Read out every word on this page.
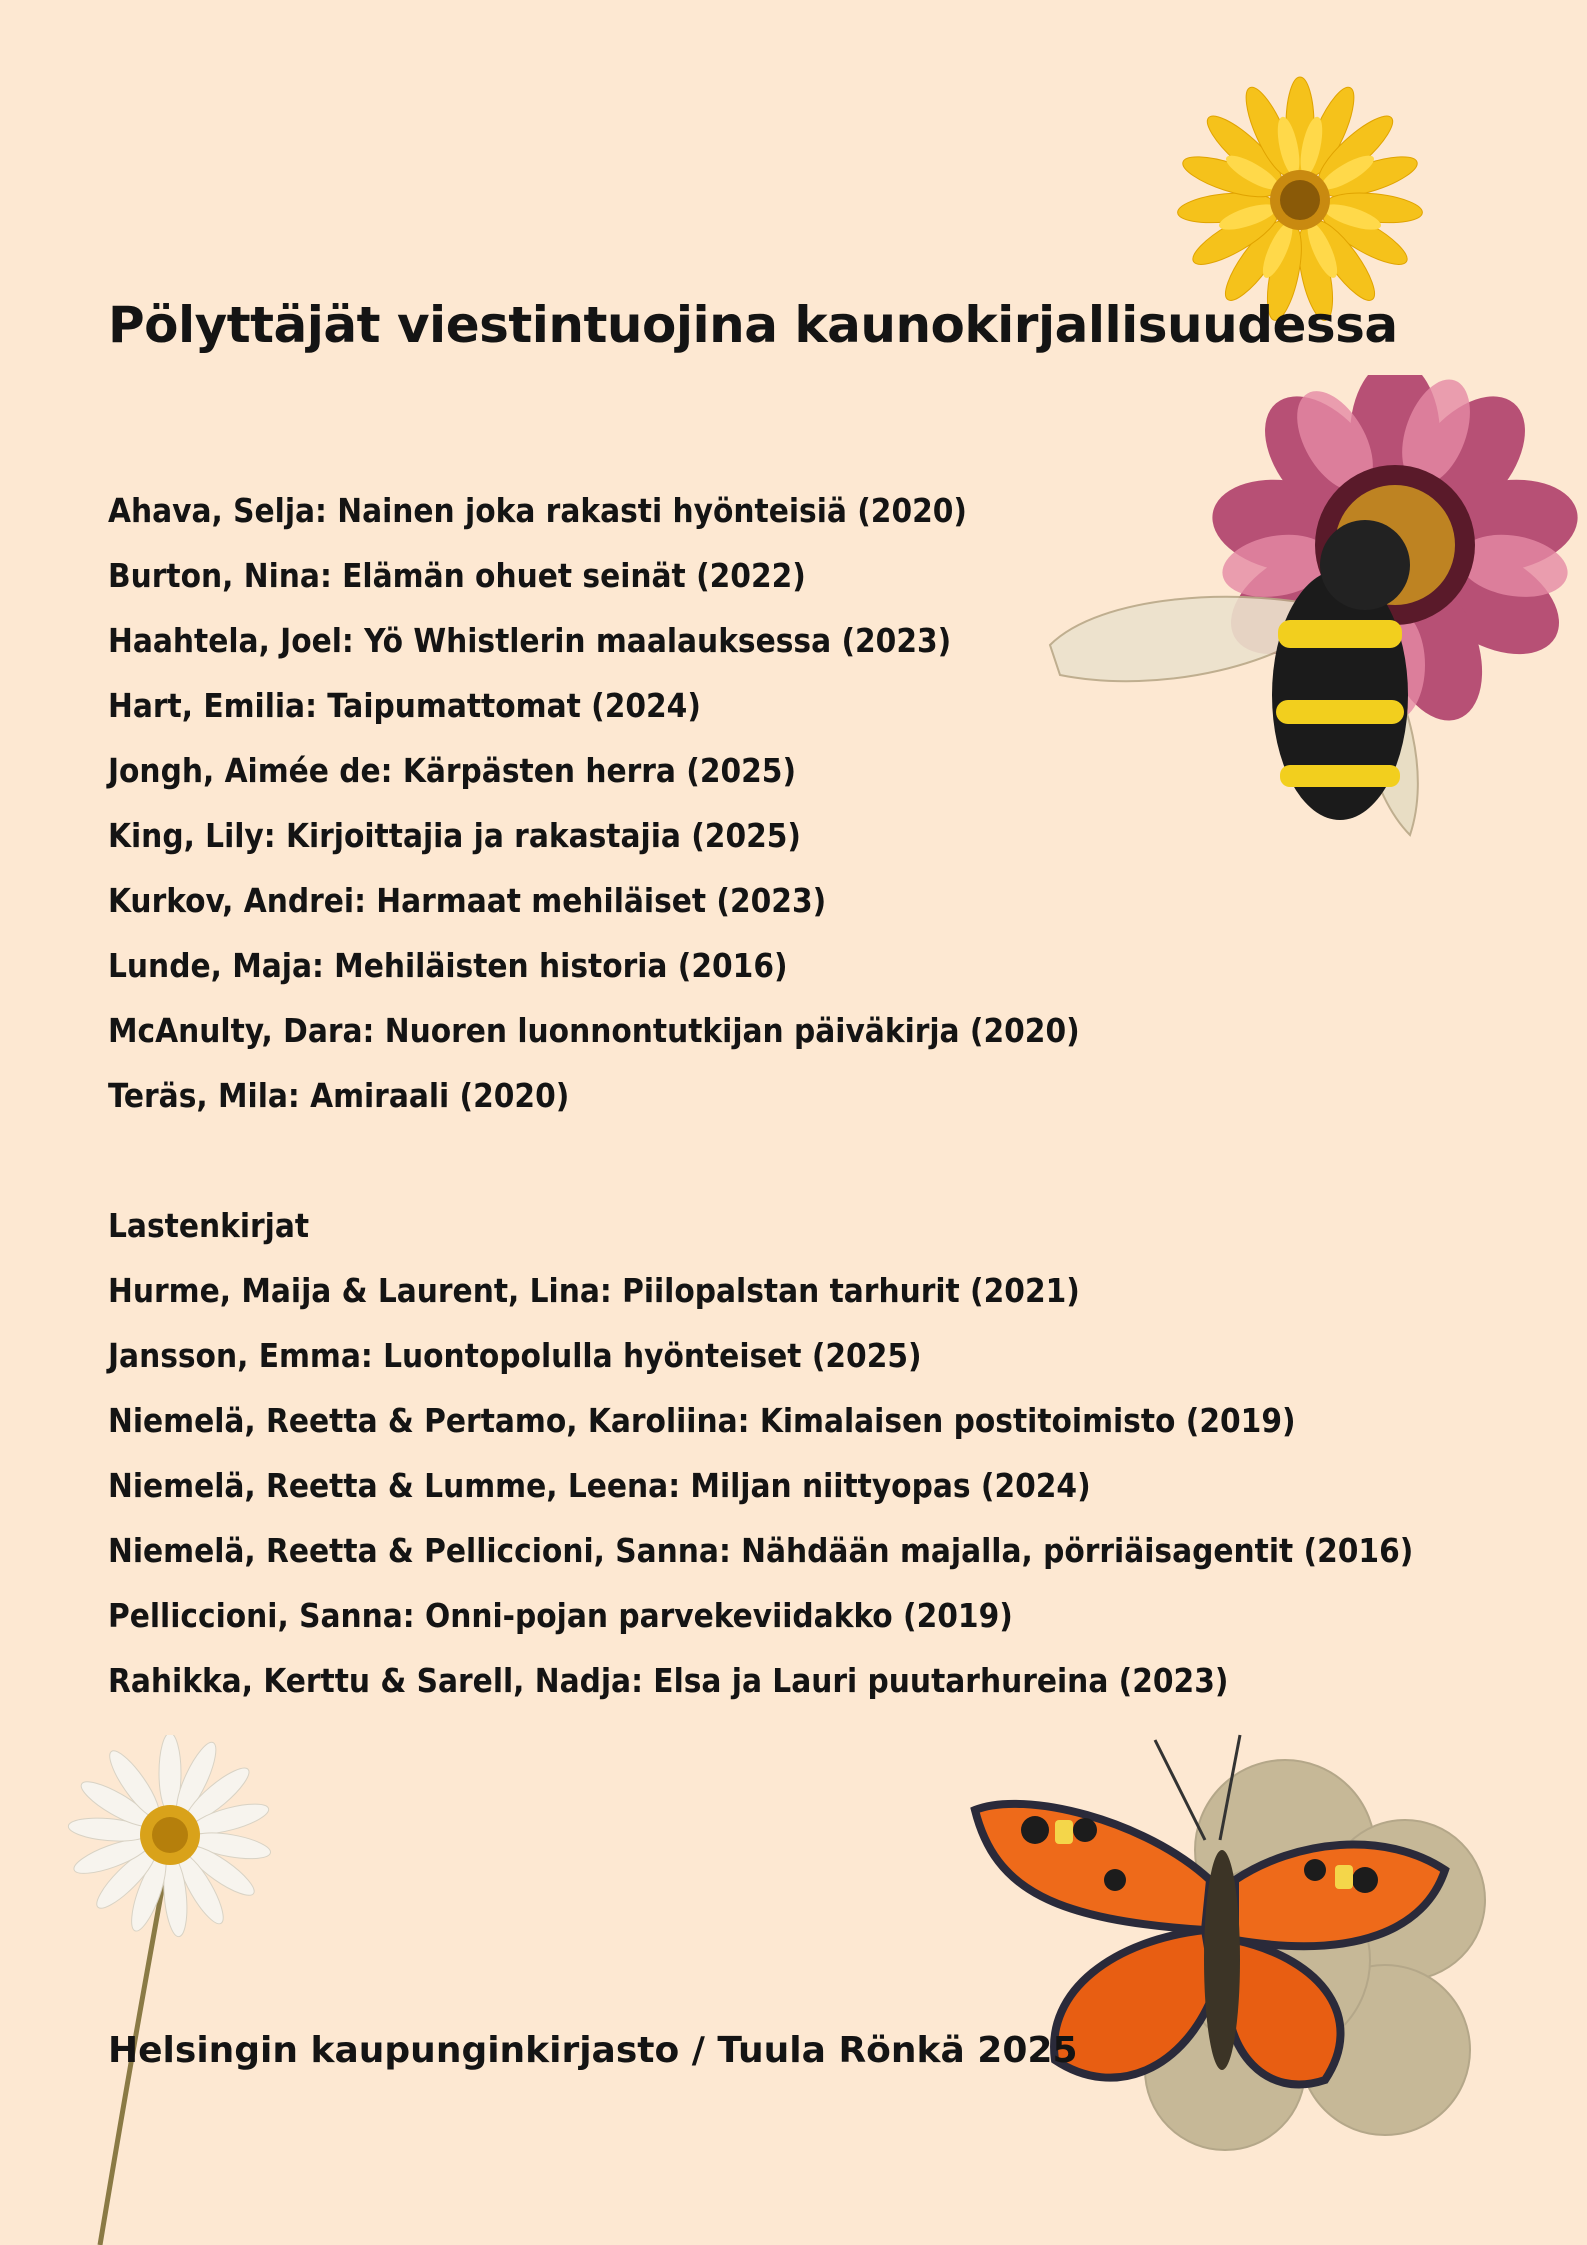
Pölyttäjät viestintuojina kaunokirjallisuudessa
Ahava, Selja: Nainen joka rakasti hyönteisiä (2020)
Burton, Nina: Elämän ohuet seinät (2022)
Haahtela, Joel: Yö Whistlerin maalauksessa (2023)
Hart, Emilia: Taipumattomat (2024)
Jongh, Aimée de: Kärpästen herra (2025)
King, Lily: Kirjoittajia ja rakastajia (2025)
Kurkov, Andrei: Harmaat mehiläiset (2023)
Lunde, Maja: Mehiläisten historia (2016)
McAnulty, Dara: Nuoren luonnontutkijan päiväkirja (2020)
Teräs, Mila: Amiraali (2020)
Lastenkirjat
Hurme, Maija & Laurent, Lina: Piilopalstan tarhurit (2021)
Jansson, Emma: Luontopolulla hyönteiset (2025)
Niemelä, Reetta & Pertamo, Karoliina: Kimalaisen postitoimisto (2019)
Niemelä, Reetta & Lumme, Leena: Miljan niittyopas (2024)
Niemelä, Reetta & Pelliccioni, Sanna: Nähdään majalla, pörriäisagentit (2016)
Pelliccioni, Sanna: Onni-pojan parvekeviidakko (2019)
Rahikka, Kerttu & Sarell, Nadja: Elsa ja Lauri puutarhureina (2023)
Helsingin kaupunginkirjasto / Tuula Rönkä 2025
